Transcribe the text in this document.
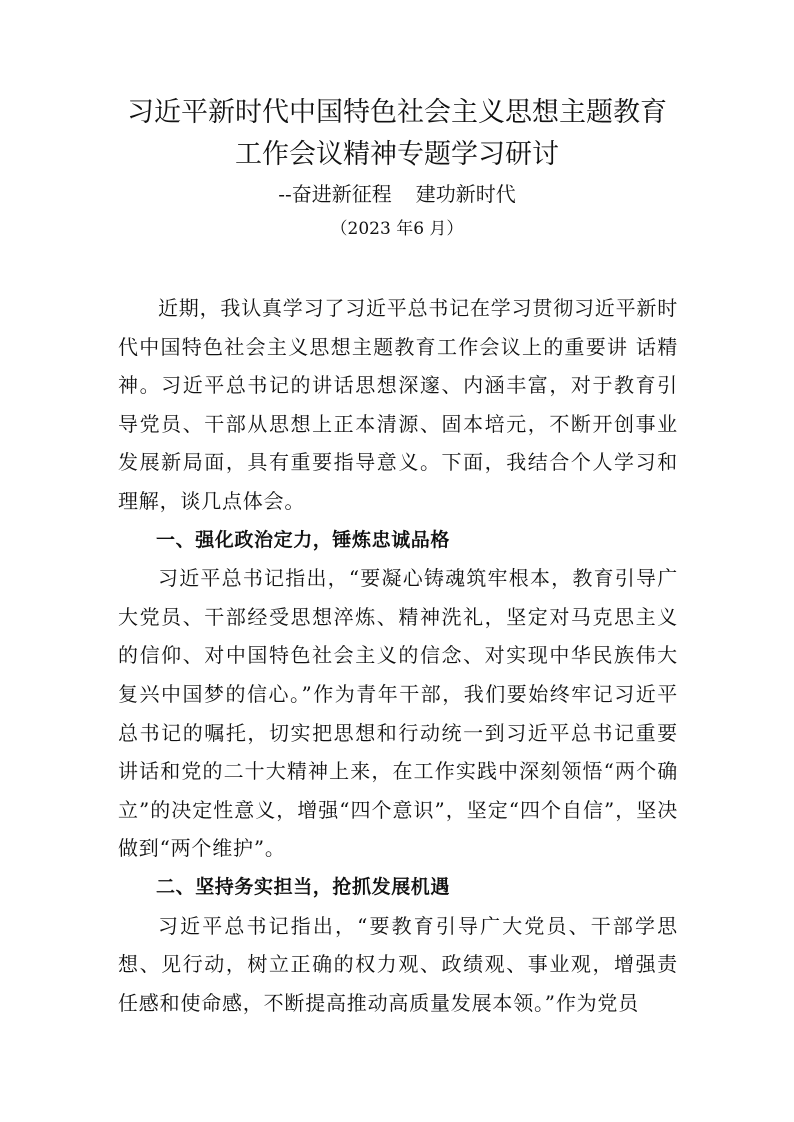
习近平新时代中国特色社会主义思想主题教育
工作会议精神专题学习研讨
--奋进新征程 建功新时代
（2023 年6 月）

近期，我认真学习了习近平总书记在学习贯彻习近平新时代中国特色社会主义思想主题教育工作会议上的重要讲 话精神。习近平总书记的讲话思想深邃、内涵丰富，对于教育引导党员、干部从思想上正本清源、固本培元，不断开创事业发展新局面，具有重要指导意义。下面，我结合个人学习和理解，谈几点体会。

一、强化政治定力，锤炼忠诚品格

习近平总书记指出，“要凝心铸魂筑牢根本，教育引导广大党员、干部经受思想淬炼、精神洗礼，坚定对马克思主义的信仰、对中国特色社会主义的信念、对实现中华民族伟大复兴中国梦的信心。”作为青年干部，我们要始终牢记习近平总书记的嘱托，切实把思想和行动统一到习近平总书记重要讲话和党的二十大精神上来，在工作实践中深刻领悟“两个确立”的决定性意义，增强“四个意识”，坚定“四个自信”，坚决做到“两个维护”。

二、坚持务实担当，抢抓发展机遇

习近平总书记指出，“要教育引导广大党员、干部学思想、见行动，树立正确的权力观、政绩观、事业观，增强责任感和使命感，不断提高推动高质量发展本领。”作为党员
